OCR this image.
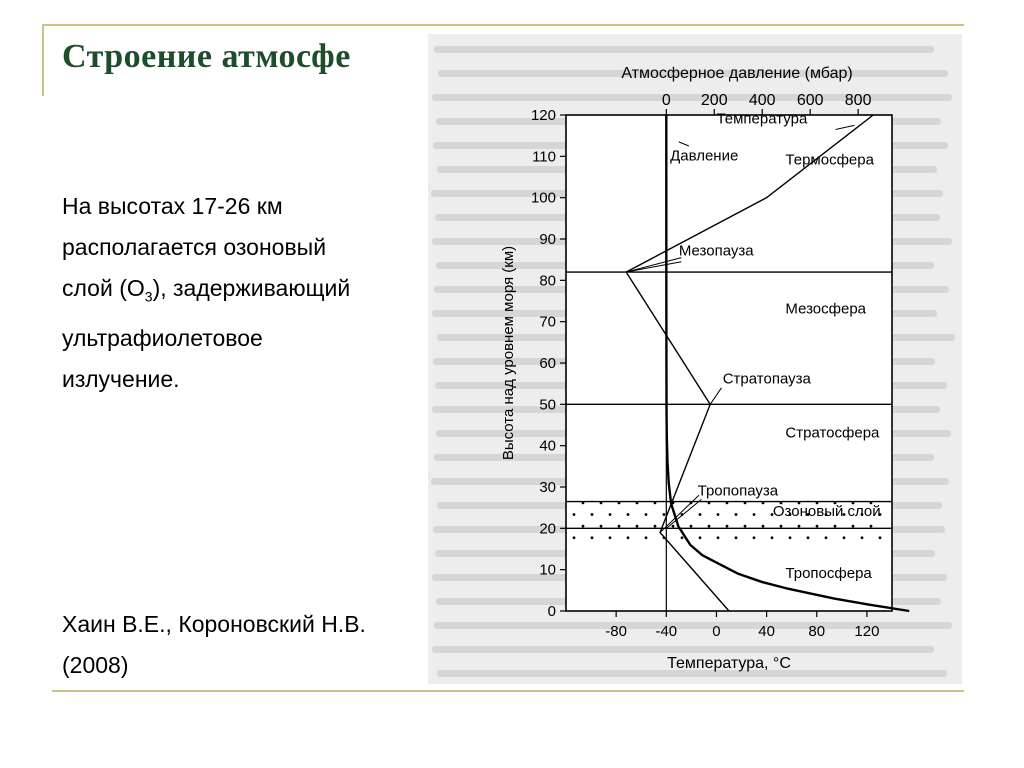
Строение атмосфе

На высотах 17-26 км

располагается озоновый

слой $(О_3)$, задерживающий

ультрафиолетовое

излучение.

Хаин В.Е., Короновский Н.В.
(2008)
0
10
20
30
40
50
60
70
80
90
100
110
120
-80 -40 0	40 80 120
0 200 400 600 800
Атмосферное давление (мбар)
Температура, °С
Высота над уровнем моря (км)
Температура
Давление	Термосфера
Мезопауза
Мезосфера
Стратопауза
Стратосфера
Тропопауза
Озоновый слой
Тропосфера
